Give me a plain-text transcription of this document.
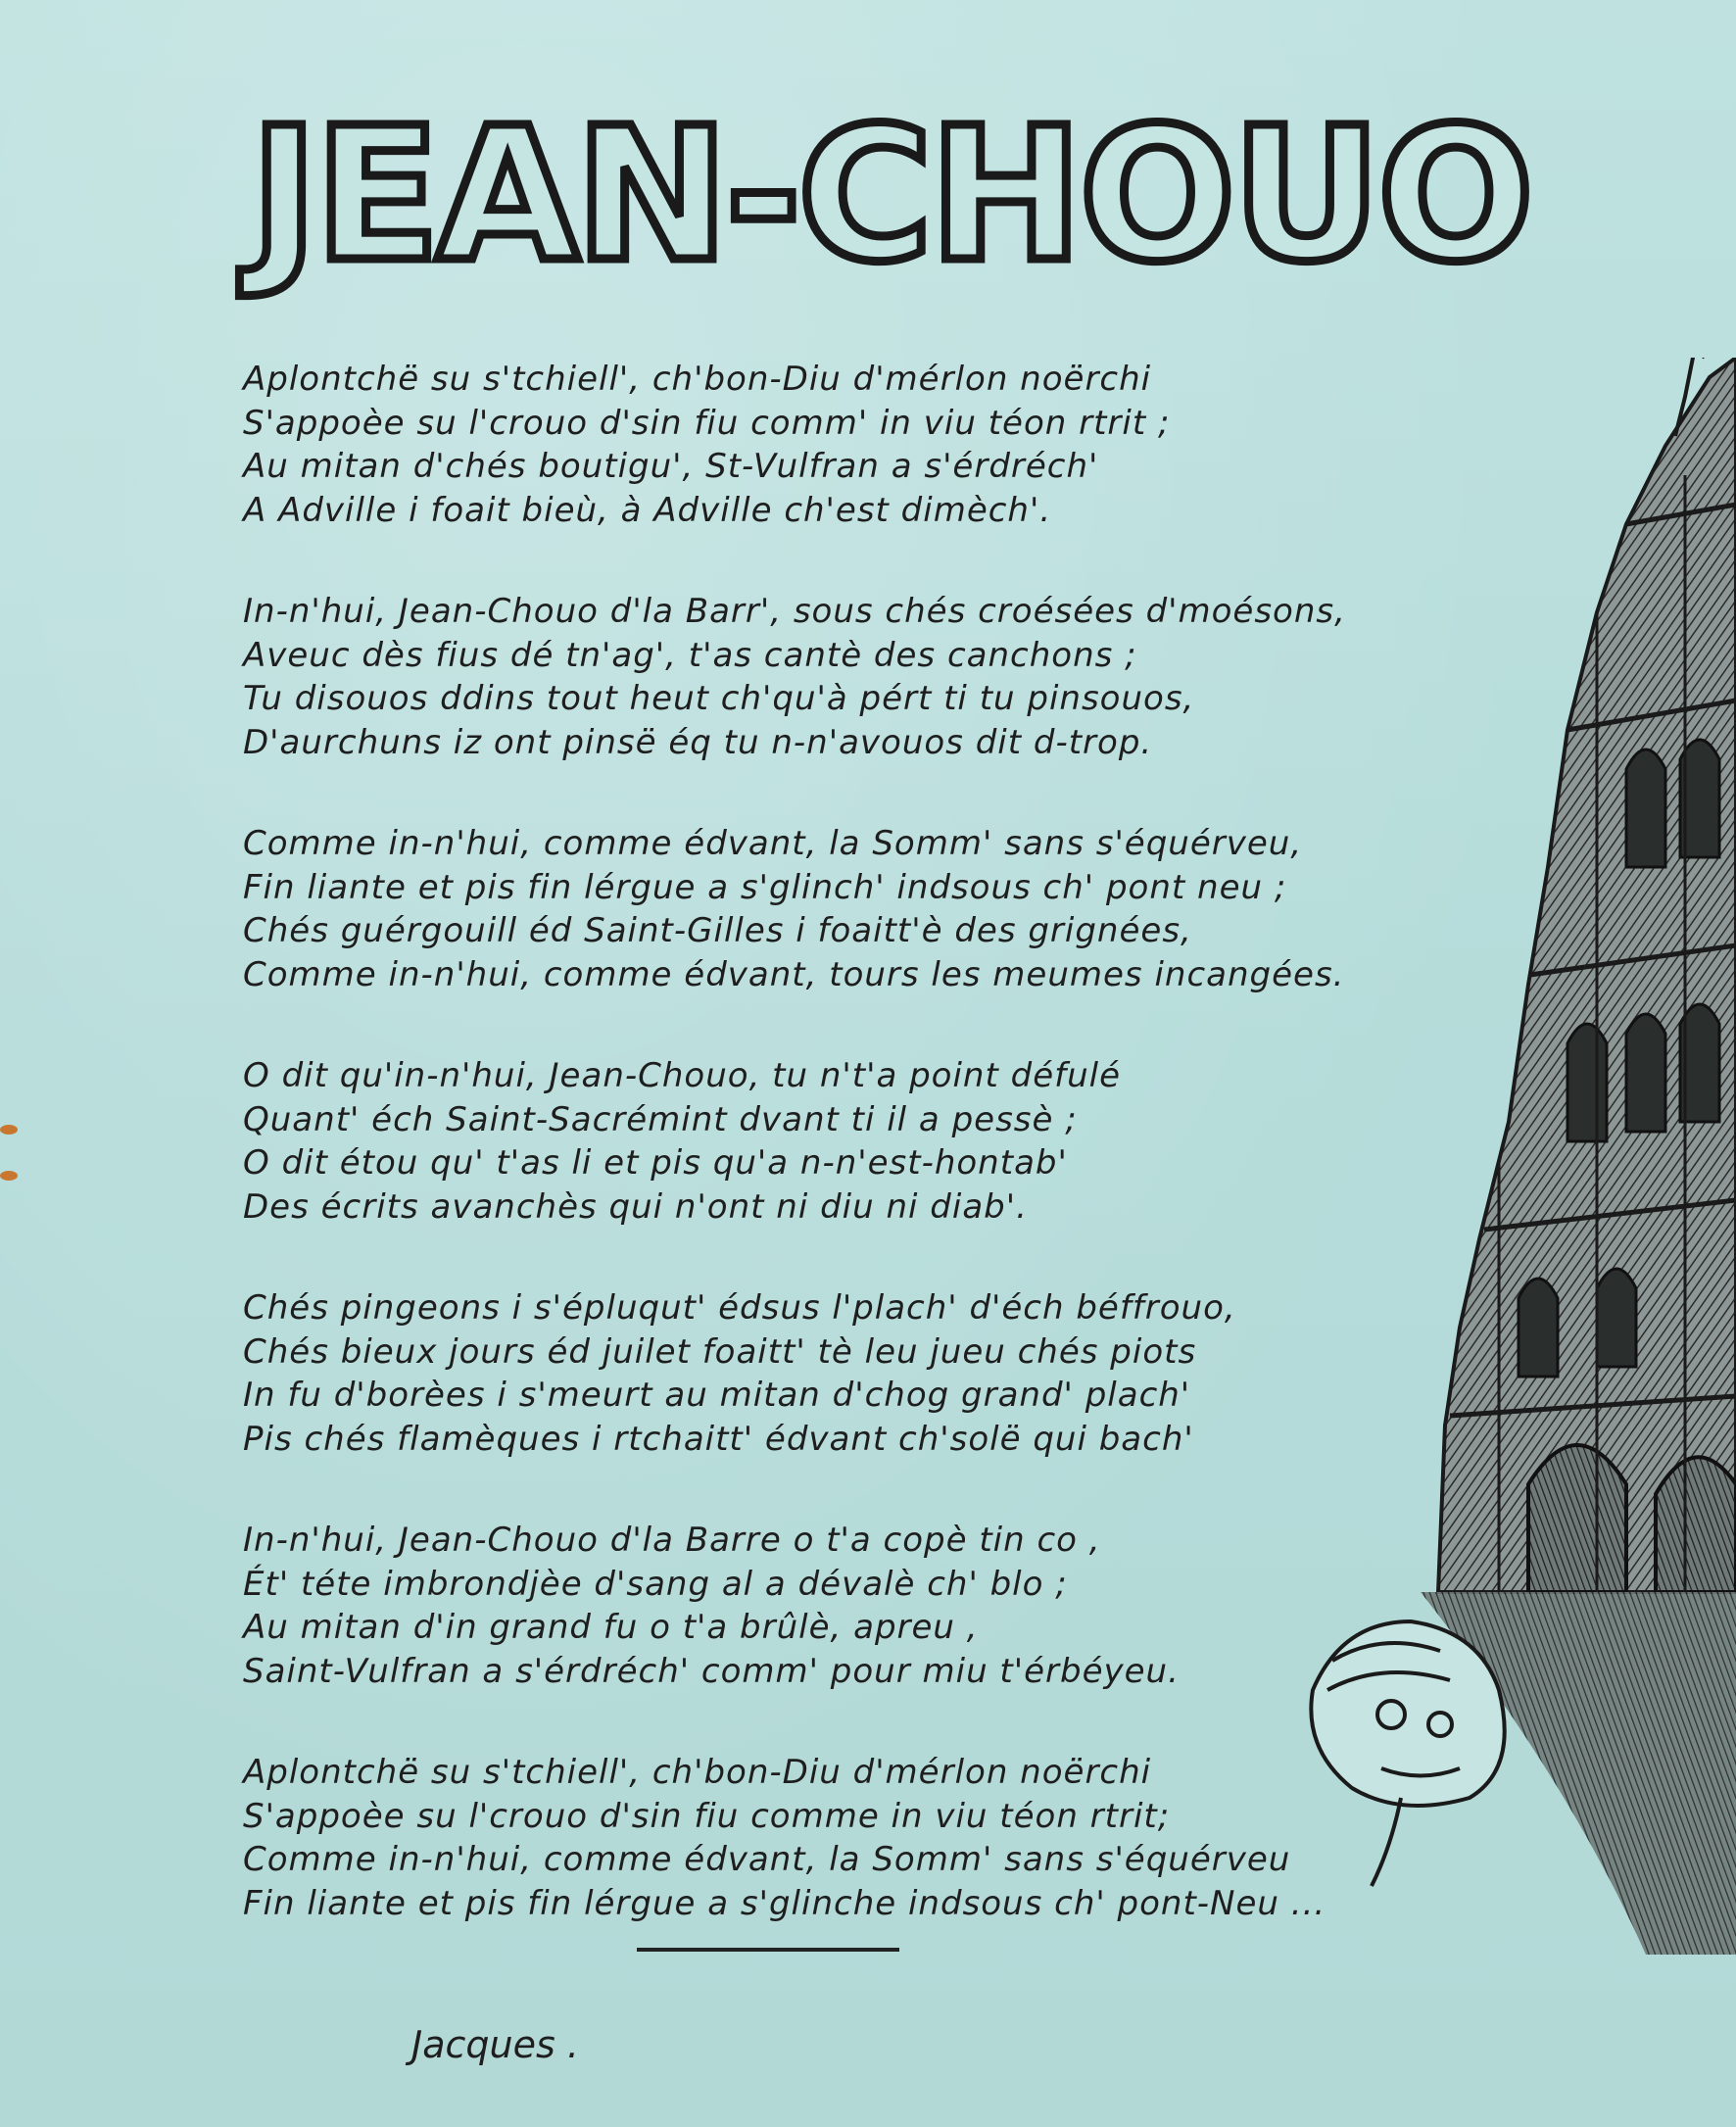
JEAN-CHOUO
Aplontchë su s'tchiell', ch'bon-Diu d'mérlon noërchi
S'appoèe su l'crouo d'sin fiu comm' in viu téon rtrit ;
Au mitan d'chés boutigu', St-Vulfran a s'érdréch'
A Adville i foait bieù, à Adville ch'est dimèch'.
In-n'hui, Jean-Chouo d'la Barr', sous chés croésées d'moésons,
Aveuc dès fius dé tn'ag', t'as cantè des canchons ;
Tu disouos ddins tout heut ch'qu'à pért ti tu pinsouos,
D'aurchuns iz ont pinsë éq tu n-n'avouos dit d-trop.
Comme in-n'hui, comme édvant, la Somm' sans s'équérveu,
Fin liante et pis fin lérgue a s'glinch' indsous ch' pont neu ;
Chés guérgouill éd Saint-Gilles i foaitt'è des grignées,
Comme in-n'hui, comme édvant, tours les meumes incangées.
O dit qu'in-n'hui, Jean-Chouo, tu n't'a point défulé
Quant' éch Saint-Sacrémint dvant ti il a pessè ;
O dit étou qu' t'as li et pis qu'a n-n'est-hontab'
Des écrits avanchès qui n'ont ni diu ni diab'.
Chés pingeons i s'épluqut' édsus l'plach' d'éch béffrouo,
Chés bieux jours éd juilet foaitt' tè leu jueu chés piots
In fu d'borèes i s'meurt au mitan d'chog grand' plach'
Pis chés flamèques i rtchaitt' édvant ch'solë qui bach'
In-n'hui, Jean-Chouo d'la Barre o t'a copè tin co ,
Ét' téte imbrondjèe d'sang al a dévalè ch' blo ;
Au mitan d'in grand fu o t'a brûlè, apreu ,
Saint-Vulfran a s'érdréch' comm' pour miu t'érbéyeu.
Aplontchë su s'tchiell', ch'bon-Diu d'mérlon noërchi
S'appoèe su l'crouo d'sin fiu comme in viu téon rtrit;
Comme in-n'hui, comme édvant, la Somm' sans s'équérveu
Fin liante et pis fin lérgue a s'glinche indsous ch' pont-Neu ...
Jacques .
